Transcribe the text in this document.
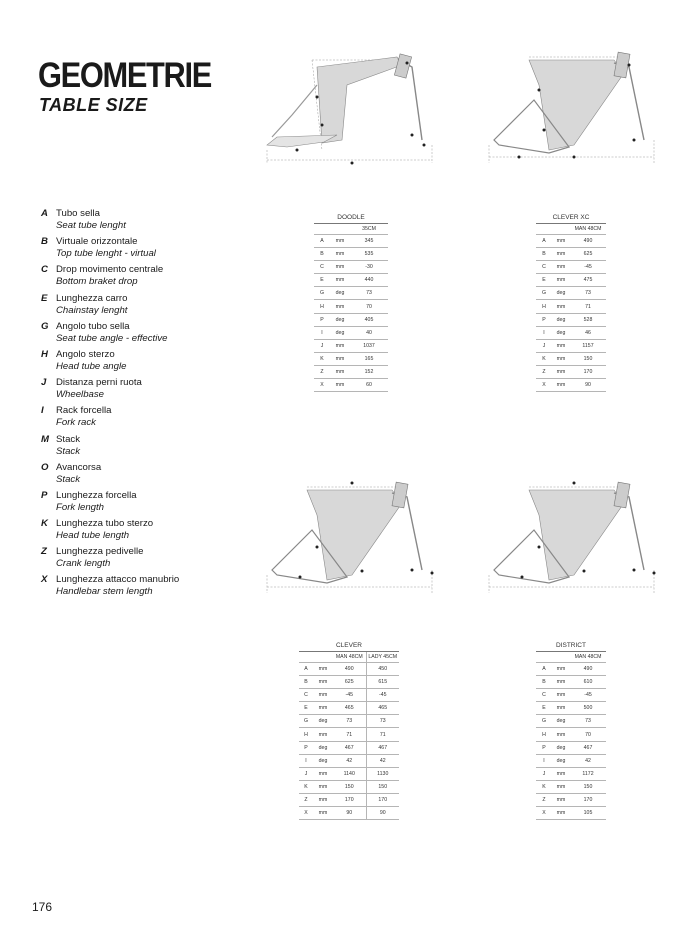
GEOMETRIE
TABLE SIZE
A Tubo sella
Seat tube lenght
B Virtuale orizzontale
Top tube lenght - virtual
C Drop movimento centrale
Bottom braket drop
E Lunghezza carro
Chainstay lenght
G Angolo tubo sella
Seat tube angle - effective
H Angolo sterzo
Head tube angle
J	Distanza perni ruota
Wheelbase
I	Rack forcella
Fork rack
M Stack
Stack
O Avancorsa
Stack
P Lunghezza forcella
Fork length
K Lunghezza tubo sterzo
Head tube length
Z Lunghezza pedivelle
Crank length
X Lunghezza attacco manubrio
Handlebar stem length
DOODLE		
		35CM
A	mm	345
B	mm	535
C	mm	-30
E	mm	440
G	deg	73
H	mm	70
P	deg	405
I	deg	40
J	mm	1037
K	mm	165
Z	mm	152
X	mm	60
CLEVER XC		
		MAN 48CM
A	mm	490
B	mm	625
C	mm	-45
E	mm	475
G	deg	73
H	mm	71
P	deg	528
I	deg	46
J	mm	1157
K	mm	150
Z	mm	170
X	mm	90
CLEVER			
		MAN 48CM	LADY 45CM
A	mm	490	450
B	mm	625	615
C	mm	-45	-45
E	mm	465	465
G	deg	73	73
H	mm	71	71
P	deg	467	467
I	deg	42	42
J	mm	1140	1130
K	mm	150	150
Z	mm	170	170
X	mm	90	90
DISTRICT		
		MAN 48CM
A	mm	490
B	mm	610
C	mm	-45
E	mm	500
G	deg	73
H	mm	70
P	deg	467
I	deg	42
J	mm	1172
K	mm	150
Z	mm	170
X	mm	105
176
